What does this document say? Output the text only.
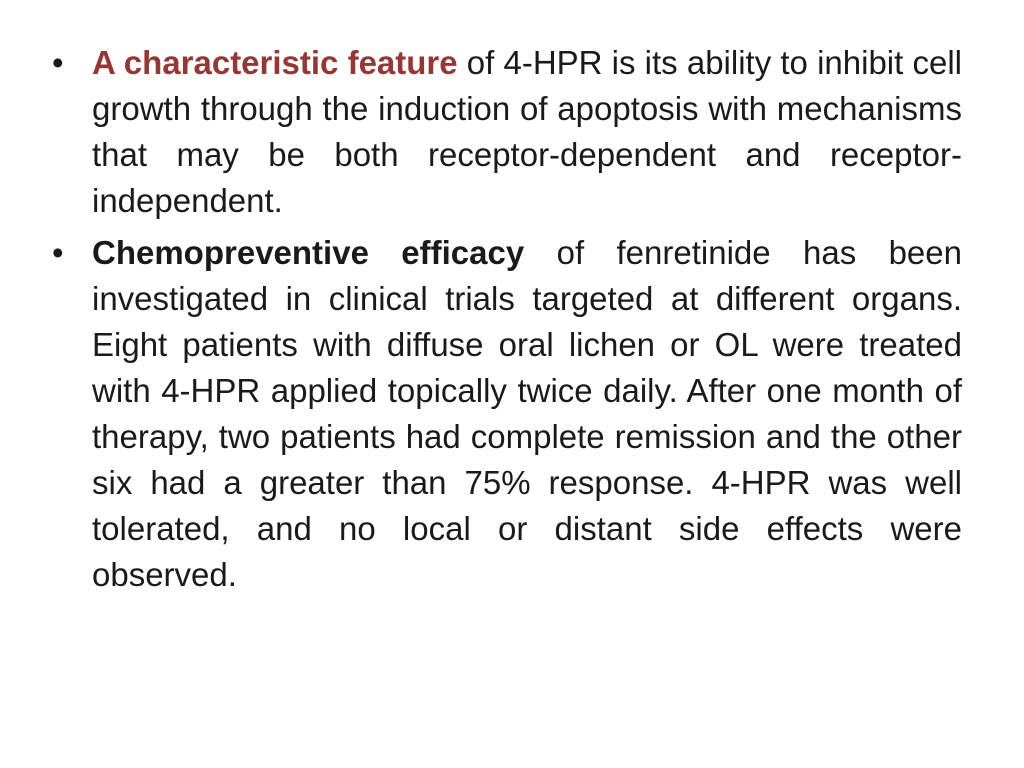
• A characteristic feature of 4-HPR is its ability to inhibit cell growth through the induction of apoptosis with mechanisms that may be both receptor-dependent and receptor-independent.
• Chemopreventive efficacy of fenretinide has been investigated in clinical trials targeted at different organs. Eight patients with diffuse oral lichen or OL were treated with 4-HPR applied topically twice daily. After one month of therapy, two patients had complete remission and the other six had a greater than 75% response. 4-HPR was well tolerated, and no local or distant side effects were observed.
